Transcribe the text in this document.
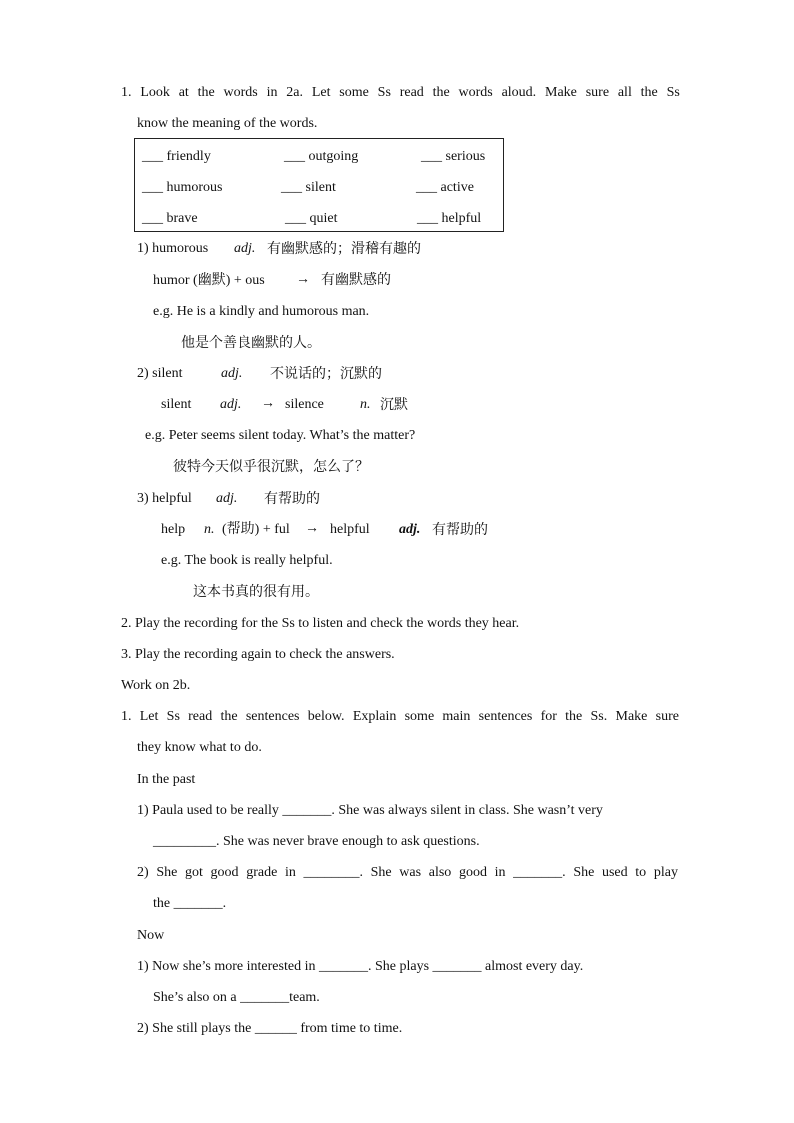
1. Look at the words in 2a. Let some Ss read the words aloud. Make sure all the Ss
know the meaning of the words.
___ friendly	___ outgoing	___ serious
___ humorous	___ silent	___ active
___ brave	___ quiet	___ helpful
1) humorous adj. 有幽默感的；滑稽有趣的
humor (幽默) + ous → 有幽默感的
e.g. He is a kindly and humorous man.
他是个善良幽默的人。
2) silent	adj. 不说话的；沉默的
silent adj. → silence	n. 沉默
e.g. Peter seems silent today. What’s the matter?
彼特今天似乎很沉默，怎么了？
3) helpful adj. 有帮助的
help n. (帮助) + ful → helpful adj. 有帮助的
e.g. The book is really helpful.
这本书真的很有用。
2. Play the recording for the Ss to listen and check the words they hear.
3. Play the recording again to check the answers.
Work on 2b.
1. Let Ss read the sentences below. Explain some main sentences for the Ss. Make sure
they know what to do.
In the past
1) Paula used to be really _______. She was always silent in class. She wasn’t very
_________. She was never brave enough to ask questions.
2) She got good grade in ________. She was also good in _______. She used to play
the _______.
Now
1) Now she’s more interested in _______. She plays _______ almost every day.
She’s also on a _______team.
2) She still plays the ______ from time to time.
